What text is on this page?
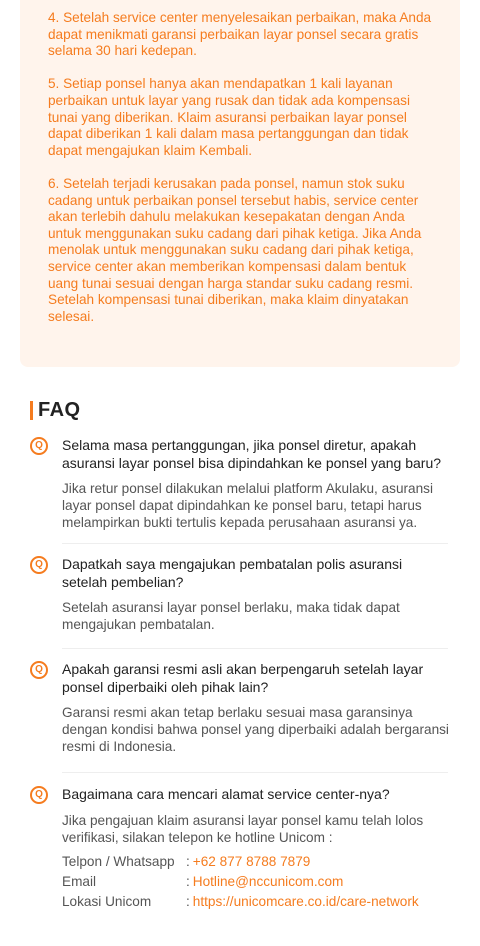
4. Setelah service center menyelesaikan perbaikan, maka Anda dapat menikmati garansi perbaikan layar ponsel secara gratis selama 30 hari kedepan.

5. Setiap ponsel hanya akan mendapatkan 1 kali layanan perbaikan untuk layar yang rusak dan tidak ada kompensasi tunai yang diberikan. Klaim asuransi perbaikan layar ponsel dapat diberikan 1 kali dalam masa pertanggungan dan tidak dapat mengajukan klaim Kembali.

6. Setelah terjadi kerusakan pada ponsel, namun stok suku cadang untuk perbaikan ponsel tersebut habis, service center akan terlebih dahulu melakukan kesepakatan dengan Anda untuk menggunakan suku cadang dari pihak ketiga. Jika Anda menolak untuk menggunakan suku cadang dari pihak ketiga, service center akan memberikan kompensasi dalam bentuk uang tunai sesuai dengan harga standar suku cadang resmi. Setelah kompensasi tunai diberikan, maka klaim dinyatakan selesai.

FAQ
Q	Selama masa pertanggungan, jika ponsel diretur, apakah asuransi layar ponsel bisa dipindahkan ke ponsel yang baru?
Jika retur ponsel dilakukan melalui platform Akulaku, asuransi layar ponsel dapat dipindahkan ke ponsel baru, tetapi harus melampirkan bukti tertulis kepada perusahaan asuransi ya.
Q	Dapatkah saya mengajukan pembatalan polis asuransi setelah pembelian?
Setelah asuransi layar ponsel berlaku, maka tidak dapat mengajukan pembatalan.
Q	Apakah garansi resmi asli akan berpengaruh setelah layar ponsel diperbaiki oleh pihak lain?
Garansi resmi akan tetap berlaku sesuai masa garansinya dengan kondisi bahwa ponsel yang diperbaiki adalah bergaransi resmi di Indonesia.
Q	Bagaimana cara mencari alamat service center-nya?
Jika pengajuan klaim asuransi layar ponsel kamu telah lolos verifikasi, silakan telepon ke hotline Unicom :
Telpon / Whatsapp : +62 877 8788 7879
Email	: Hotline@nccunicom.com
Lokasi Unicom	: https://unicomcare.co.id/care-network
